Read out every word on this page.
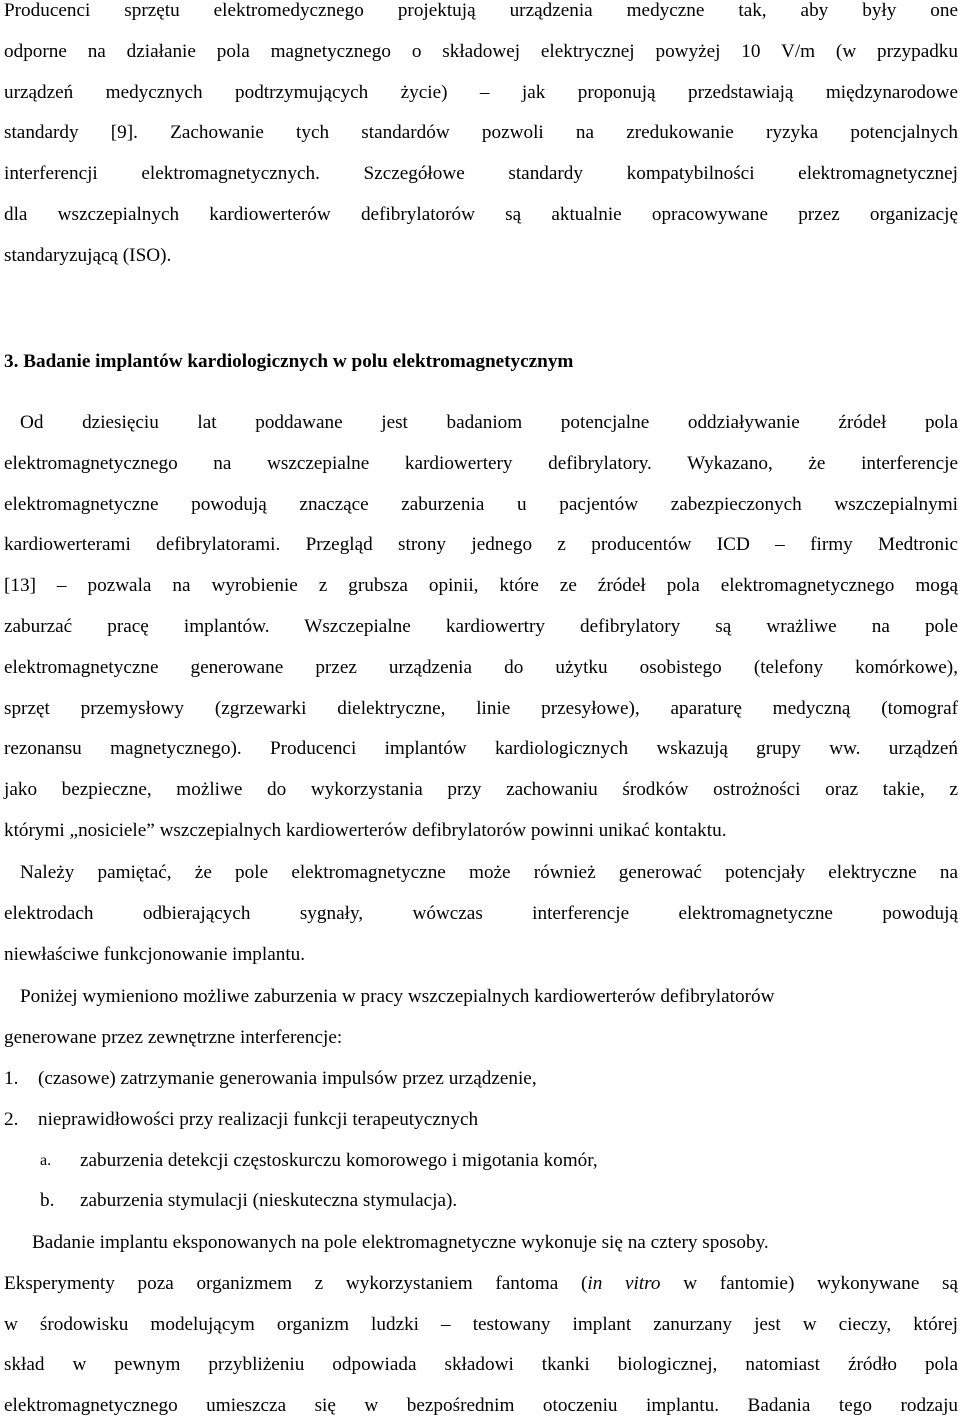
Producenci sprzętu elektromedycznego projektują urządzenia medyczne tak, aby były one
odporne na działanie pola magnetycznego o składowej elektrycznej powyżej 10 V/m (w przypadku
urządzeń medycznych podtrzymujących życie) – jak proponują przedstawiają międzynarodowe
standardy [9]. Zachowanie tych standardów pozwoli na zredukowanie ryzyka potencjalnych
interferencji elektromagnetycznych. Szczegółowe standardy kompatybilności elektromagnetycznej
dla wszczepialnych kardiowerterów defibrylatorów są aktualnie opracowywane przez organizację
standaryzującą (ISO).
3. Badanie implantów kardiologicznych w polu elektromagnetycznym
Od dziesięciu lat poddawane jest badaniom potencjalne oddziaływanie źródeł pola
elektromagnetycznego na wszczepialne kardiowertery defibrylatory. Wykazano, że interferencje
elektromagnetyczne powodują znaczące zaburzenia u pacjentów zabezpieczonych wszczepialnymi
kardiowerterami defibrylatorami. Przegląd strony jednego z producentów ICD – firmy Medtronic
[13] – pozwala na wyrobienie z grubsza opinii, które ze źródeł pola elektromagnetycznego mogą
zaburzać pracę implantów. Wszczepialne kardiowertry defibrylatory są wrażliwe na pole
elektromagnetyczne generowane przez urządzenia do użytku osobistego (telefony komórkowe),
sprzęt przemysłowy (zgrzewarki dielektryczne, linie przesyłowe), aparaturę medyczną (tomograf
rezonansu magnetycznego). Producenci implantów kardiologicznych wskazują grupy ww. urządzeń
jako bezpieczne, możliwe do wykorzystania przy zachowaniu środków ostrożności oraz takie, z
którymi „nosiciele” wszczepialnych kardiowerterów defibrylatorów powinni unikać kontaktu.
Należy pamiętać, że pole elektromagnetyczne może również generować potencjały elektryczne na
elektrodach odbierających sygnały, wówczas interferencje elektromagnetyczne powodują
niewłaściwe funkcjonowanie implantu.
Poniżej wymieniono możliwe zaburzenia w pracy wszczepialnych kardiowerterów defibrylatorów
generowane przez zewnętrzne interferencje:
1.	(czasowe) zatrzymanie generowania impulsów przez urządzenie,
2.	nieprawidłowości przy realizacji funkcji terapeutycznych
a.	zaburzenia detekcji częstoskurczu komorowego i migotania komór,
b.	zaburzenia stymulacji (nieskuteczna stymulacja).
Badanie implantu eksponowanych na pole elektromagnetyczne wykonuje się na cztery sposoby.
Eksperymenty poza organizmem z wykorzystaniem fantoma (in vitro w fantomie) wykonywane są
w środowisku modelującym organizm ludzki – testowany implant zanurzany jest w cieczy, której
skład w pewnym przybliżeniu odpowiada składowi tkanki biologicznej, natomiast źródło pola
elektromagnetycznego umieszcza się w bezpośrednim otoczeniu implantu. Badania tego rodzaju
